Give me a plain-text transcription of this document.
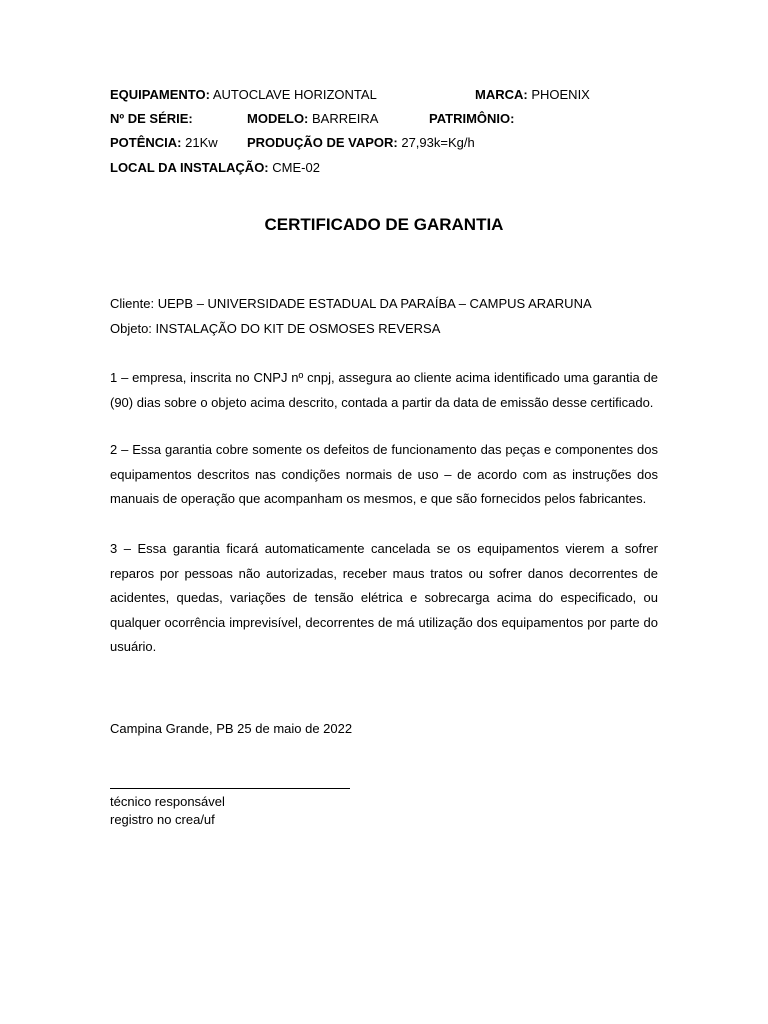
EQUIPAMENTO: AUTOCLAVE HORIZONTAL	MARCA: PHOENIX
Nº DE SÉRIE:	MODELO: BARREIRA	PATRIMÔNIO:
POTÊNCIA: 21Kw PRODUÇÃO DE VAPOR: 27,93k=Kg/h
LOCAL DA INSTALAÇÃO: CME-02
CERTIFICADO DE GARANTIA
Cliente: UEPB – UNIVERSIDADE ESTADUAL DA PARAÍBA – CAMPUS ARARUNA
Objeto: INSTALAÇÃO DO KIT DE OSMOSES REVERSA
1 – empresa, inscrita no CNPJ nº cnpj, assegura ao cliente acima identificado uma garantia de (90) dias sobre o objeto acima descrito, contada a partir da data de emissão desse certificado.
2 – Essa garantia cobre somente os defeitos de funcionamento das peças e componentes dos equipamentos descritos nas condições normais de uso – de acordo com as instruções dos manuais de operação que acompanham os mesmos, e que são fornecidos pelos fabricantes.
3 – Essa garantia ficará automaticamente cancelada se os equipamentos vierem a sofrer reparos por pessoas não autorizadas, receber maus tratos ou sofrer danos decorrentes de acidentes, quedas, variações de tensão elétrica e sobrecarga acima do especificado, ou qualquer ocorrência imprevisível, decorrentes de má utilização dos equipamentos por parte do usuário.
Campina Grande, PB 25 de maio de 2022
técnico responsável
registro no crea/uf
